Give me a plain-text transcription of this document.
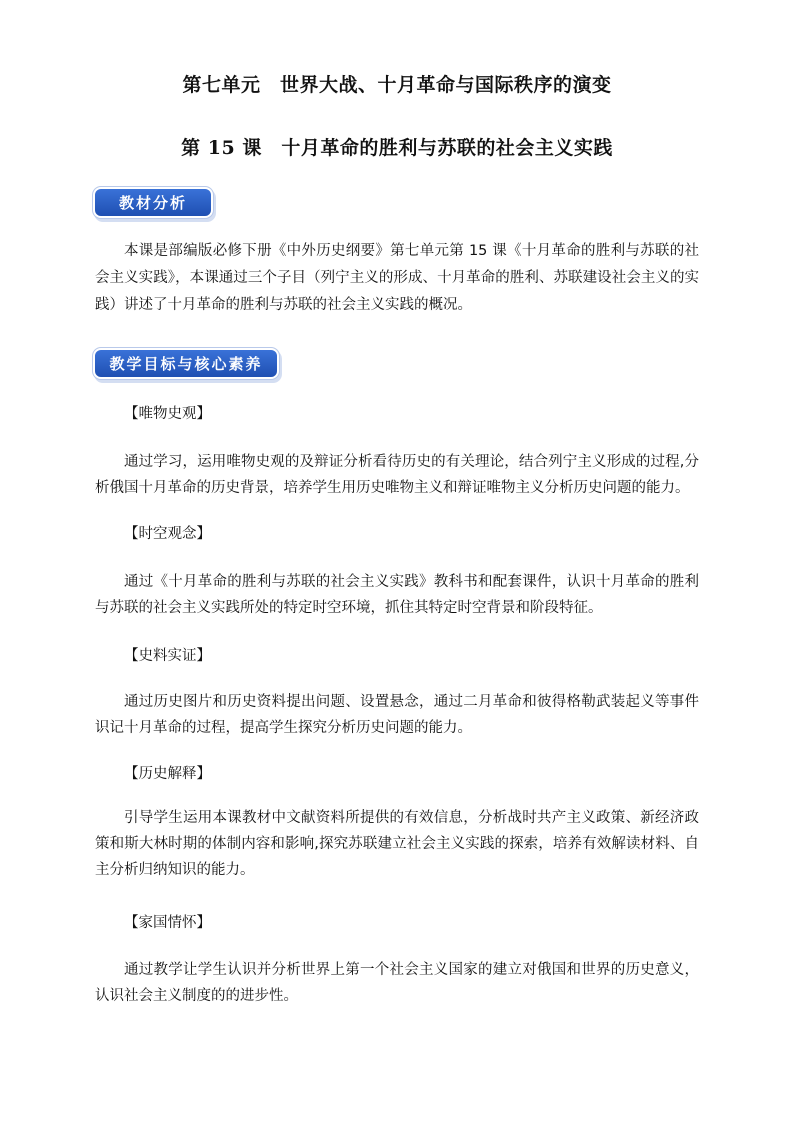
第七单元　世界大战、十月革命与国际秩序的演变
第 15 课　十月革命的胜利与苏联的社会主义实践
教材分析
本课是部编版必修下册《中外历史纲要》第七单元第 15 课《十月革命的胜利与苏联的社会主义实践》，本课通过三个子目（列宁主义的形成、十月革命的胜利、苏联建设社会主义的实践）讲述了十月革命的胜利与苏联的社会主义实践的概况。
教学目标与核心素养
【唯物史观】
通过学习，运用唯物史观的及辩证分析看待历史的有关理论，结合列宁主义形成的过程,分析俄国十月革命的历史背景，培养学生用历史唯物主义和辩证唯物主义分析历史问题的能力。
【时空观念】
通过《十月革命的胜利与苏联的社会主义实践》教科书和配套课件，认识十月革命的胜利与苏联的社会主义实践所处的特定时空环境，抓住其特定时空背景和阶段特征。
【史料实证】
通过历史图片和历史资料提出问题、设置悬念，通过二月革命和彼得格勒武装起义等事件识记十月革命的过程，提高学生探究分析历史问题的能力。
【历史解释】
引导学生运用本课教材中文献资料所提供的有效信息，分析战时共产主义政策、新经济政策和斯大林时期的体制内容和影响,探究苏联建立社会主义实践的探索，培养有效解读材料、自主分析归纳知识的能力。
【家国情怀】
通过教学让学生认识并分析世界上第一个社会主义国家的建立对俄国和世界的历史意义，认识社会主义制度的的进步性。
